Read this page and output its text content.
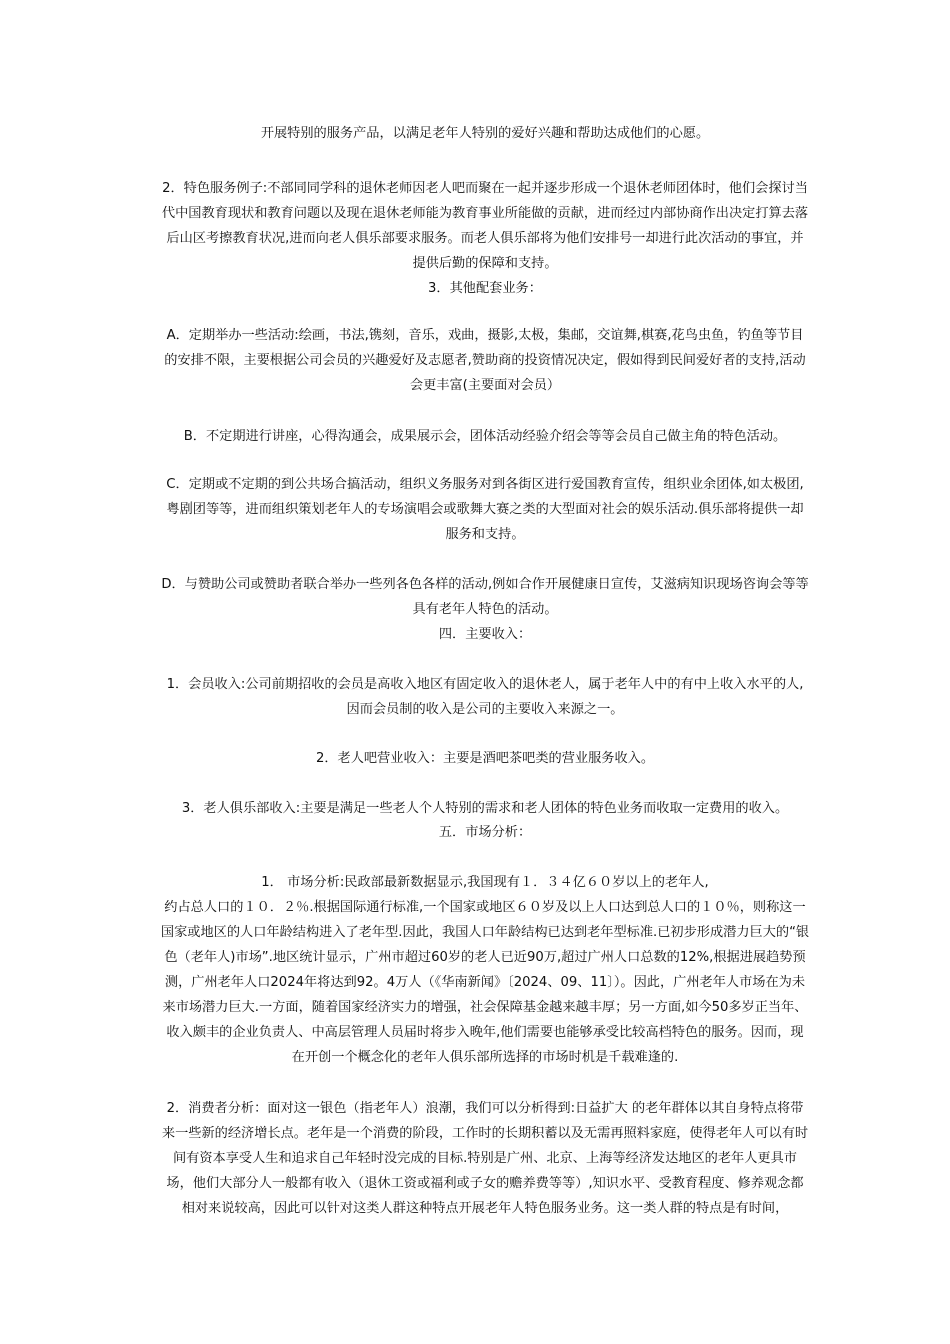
开展特别的服务产品，以满足老年人特别的爱好兴趣和帮助达成他们的心愿。

2．特色服务例子:不部同同学科的退休老师因老人吧而聚在一起并逐步形成一个退休老师团体时，他们会探讨当代中国教育现状和教育问题以及现在退休老师能为教育事业所能做的贡献，进而经过内部协商作出决定打算去落后山区考擦教育状况,进而向老人俱乐部要求服务。而老人俱乐部将为他们安排号一却进行此次活动的事宜，并提供后勤的保障和支持。

3．其他配套业务：

A．定期举办一些活动:绘画，书法,镌刻，音乐，戏曲，摄影,太极，集邮，交谊舞,棋赛,花鸟虫鱼，钓鱼等节目的安排不限，主要根据公司会员的兴趣爱好及志愿者,赞助商的投资情况决定，假如得到民间爱好者的支持,活动会更丰富(主要面对会员）

B．不定期进行讲座，心得沟通会，成果展示会，团体活动经验介绍会等等会员自己做主角的特色活动。

C．定期或不定期的到公共场合搞活动，组织义务服务对到各街区进行爱国教育宣传，组织业余团体,如太极团,粤剧团等等，进而组织策划老年人的专场演唱会或歌舞大赛之类的大型面对社会的娱乐活动.俱乐部将提供一却服务和支持。

D．与赞助公司或赞助者联合举办一些列各色各样的活动,例如合作开展健康日宣传，艾滋病知识现场咨询会等等具有老年人特色的活动。

四．主要收入：

1．会员收入:公司前期招收的会员是高收入地区有固定收入的退休老人，属于老年人中的有中上收入水平的人,因而会员制的收入是公司的主要收入来源之一。

2．老人吧营业收入：主要是酒吧茶吧类的营业服务收入。

3．老人俱乐部收入:主要是满足一些老人个人特别的需求和老人团体的特色业务而收取一定费用的收入。

五．市场分析：

1． 市场分析:民政部最新数据显示,我国现有１．３４亿６０岁以上的老年人,

约占总人口的１０．２％.根据国际通行标准,一个国家或地区６０岁及以上人口达到总人口的１０％，则称这一国家或地区的人口年龄结构进入了老年型.因此，我国人口年龄结构已达到老年型标准.已初步形成潜力巨大的“银色（老年人)市场”.地区统计显示，广州市超过60岁的老人已近90万,超过广州人口总数的12%,根据进展趋势预测，广州老年人口2024年将达到92。4万人（《华南新闻》〔2024、09、11〕）。因此，广州老年人市场在为未来市场潜力巨大.一方面，随着国家经济实力的增强，社会保障基金越来越丰厚；另一方面,如今50多岁正当年、收入颇丰的企业负责人、中高层管理人员届时将步入晚年,他们需要也能够承受比较高档特色的服务。因而，现在开创一个概念化的老年人俱乐部所选择的市场时机是千载难逢的.

2．消费者分析：面对这一银色（指老年人）浪潮，我们可以分析得到:日益扩大 的老年群体以其自身特点将带来一些新的经济增长点。老年是一个消费的阶段，工作时的长期积蓄以及无需再照料家庭，使得老年人可以有时间有资本享受人生和追求自己年轻时没完成的目标.特别是广州、北京、上海等经济发达地区的老年人更具市场，他们大部分人一般都有收入（退休工资或福利或子女的赡养费等等）,知识水平、受教育程度、修养观念都相对来说较高，因此可以针对这类人群这种特点开展老年人特色服务业务。这一类人群的特点是有时间，
